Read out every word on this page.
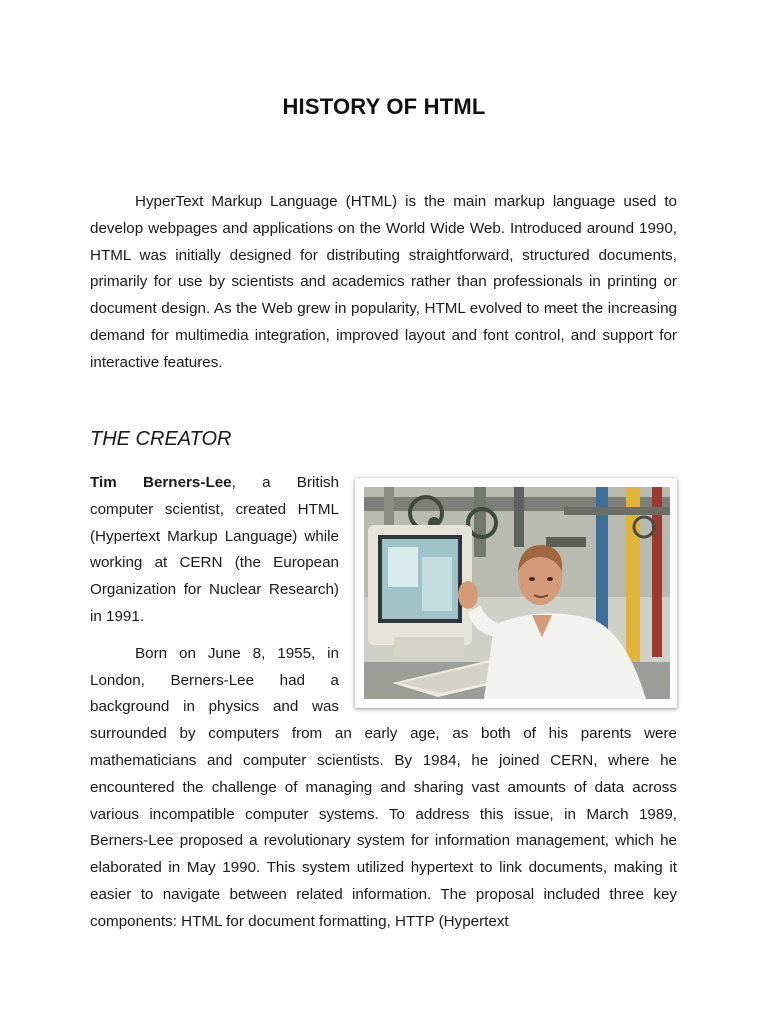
HISTORY OF HTML

HyperText Markup Language (HTML) is the main markup language used to develop webpages and applications on the World Wide Web. Introduced around 1990, HTML was initially designed for distributing straightforward, structured documents, primarily for use by scientists and academics rather than professionals in printing or document design. As the Web grew in popularity, HTML evolved to meet the increasing demand for multimedia integration, improved layout and font control, and support for interactive features.

THE CREATOR

Tim Berners-Lee, a British computer scientist, created HTML (Hypertext Markup Language) while working at CERN (the European Organization for Nuclear Research) in 1991.

Born on June 8, 1955, in London, Berners-Lee had a background in physics and was surrounded by computers from an early age, as both of his parents were mathematicians and computer scientists. By 1984, he joined CERN, where he encountered the challenge of managing and sharing vast amounts of data across various incompatible computer systems. To address this issue, in March 1989, Berners-Lee proposed a revolutionary system for information management, which he elaborated in May 1990. This system utilized hypertext to link documents, making it easier to navigate between related information. The proposal included three key components: HTML for document formatting, HTTP (Hypertext
